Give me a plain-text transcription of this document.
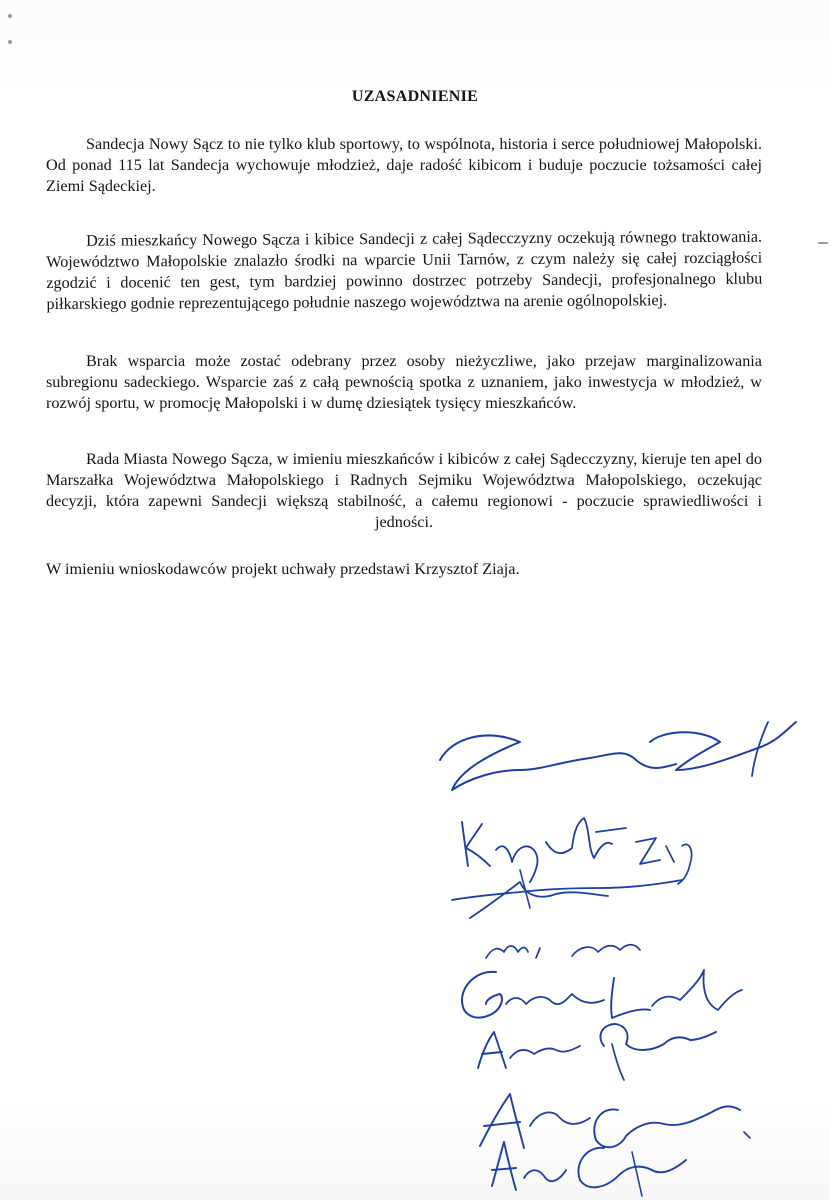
UZASADNIENIE

Sandecja Nowy Sącz to nie tylko klub sportowy, to wspólnota, historia i serce południowej Małopolski. Od ponad 115 lat Sandecja wychowuje młodzież, daje radość kibicom i buduje poczucie tożsamości całej Ziemi Sądeckiej.

Dziś mieszkańcy Nowego Sącza i kibice Sandecji z całej Sądecczyzny oczekują równego traktowania. Województwo Małopolskie znalazło środki na wparcie Unii Tarnów, z czym należy się całej rozciągłości zgodzić i docenić ten gest, tym bardziej powinno dostrzec potrzeby Sandecji, profesjonalnego klubu piłkarskiego godnie reprezentującego południe naszego województwa na arenie ogólnopolskiej.

Brak wsparcia może zostać odebrany przez osoby nieżyczliwe, jako przejaw marginalizowania subregionu sadeckiego. Wsparcie zaś z całą pewnością spotka z uznaniem, jako inwestycja w młodzież, w rozwój sportu, w promocję Małopolski i w dumę dziesiątek tysięcy mieszkańców.

Rada Miasta Nowego Sącza, w imieniu mieszkańców i kibiców z całej Sądecczyzny, kieruje ten apel do Marszałka Województwa Małopolskiego i Radnych Sejmiku Województwa Małopolskiego, oczekując decyzji, która zapewni Sandecji większą stabilność, a całemu regionowi - poczucie sprawiedliwości i jedności.

W imieniu wnioskodawców projekt uchwały przedstawi Krzysztof Ziaja.
